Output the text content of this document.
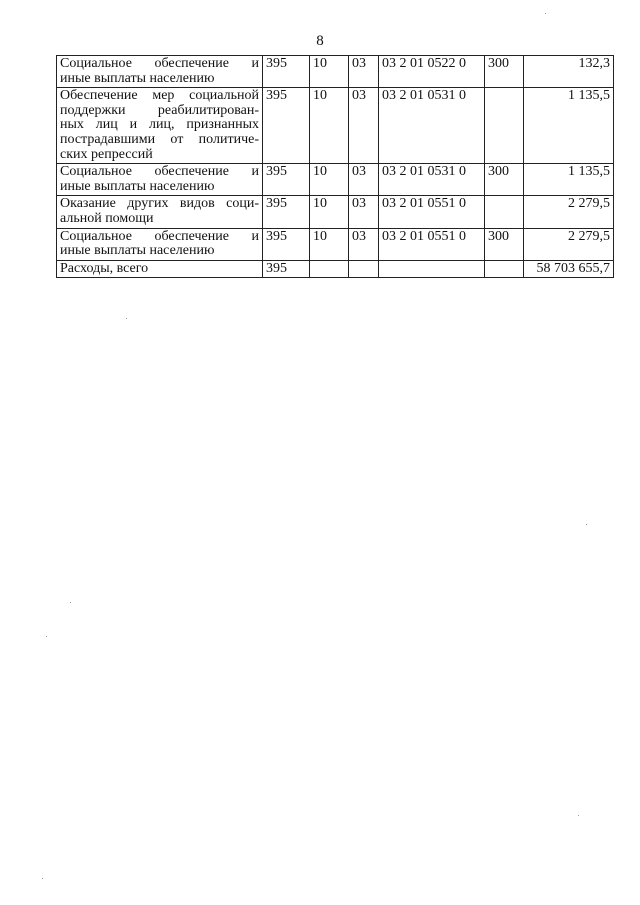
8
Социальное обеспечение и
иные выплаты населению	395	10	03	03 2 01 0522 0	300	132,3

Обеспечение мер социальной
поддержки реабилитирован-
ных лиц и лиц, признанных
пострадавшими от политиче-
ских репрессий	395	10	03	03 2 01 0531 0		1 135,5

Социальное обеспечение и
иные выплаты населению	395	10	03	03 2 01 0531 0	300	1 135,5

Оказание других видов соци-
альной помощи	395	10	03	03 2 01 0551 0		2 279,5

Социальное обеспечение и
иные выплаты населению	395	10	03	03 2 01 0551 0	300	2 279,5
Расходы, всего	395					58 703 655,7
